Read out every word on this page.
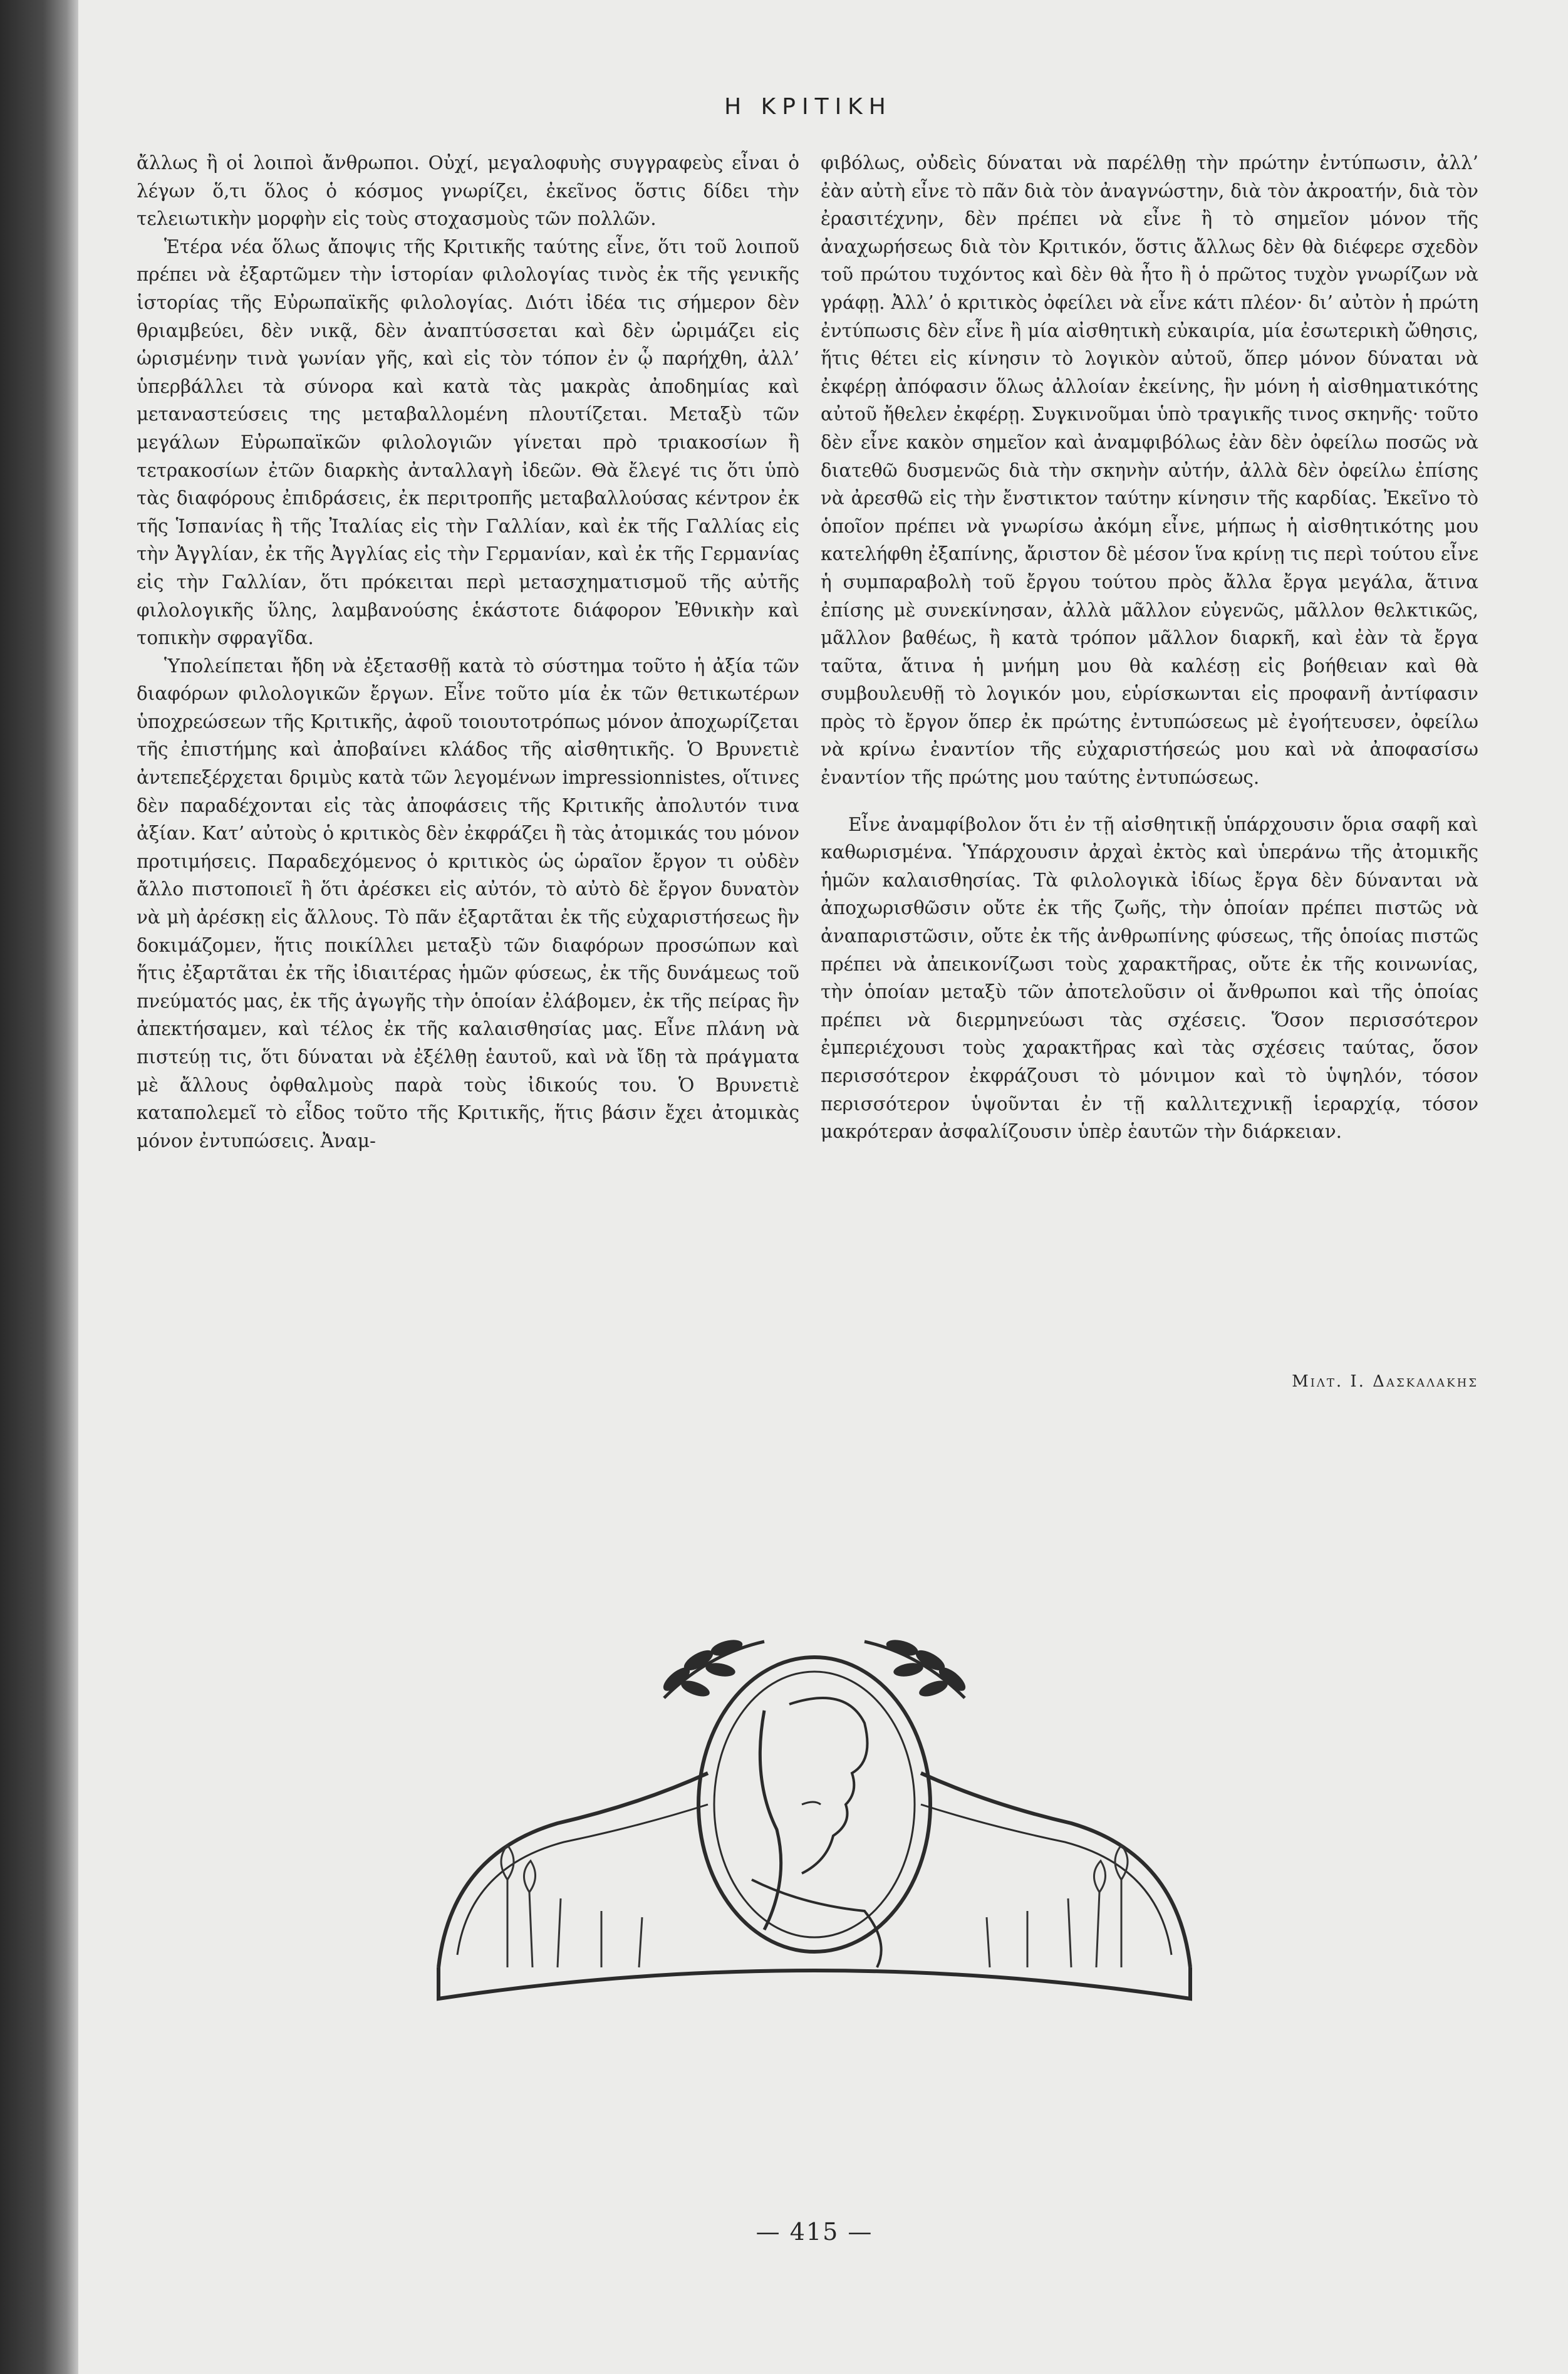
Η ΚΡΙΤΙΚΗ

ἄλλως ἢ οἱ λοιποὶ ἄνθρωποι. Οὐχί, μεγαλοφυὴς συγγραφεὺς εἶναι ὁ λέγων ὅ,τι ὅλος ὁ κόσμος γνωρίζει, ἐκεῖνος ὅστις δίδει τὴν τελειωτικὴν μορφὴν εἰς τοὺς στοχασμοὺς τῶν πολλῶν.

Ἑτέρα νέα ὅλως ἄποψις τῆς Κριτικῆς ταύτης εἶνε, ὅτι τοῦ λοιποῦ πρέπει νὰ ἐξαρτῶμεν τὴν ἱστορίαν φιλολογίας τινὸς ἐκ τῆς γενικῆς ἱστορίας τῆς Εὐρωπαϊκῆς φιλολογίας. Διότι ἰδέα τις σήμερον δὲν θριαμβεύει, δὲν νικᾷ, δὲν ἀναπτύσσεται καὶ δὲν ὡριμάζει εἰς ὡρισμένην τινὰ γωνίαν γῆς, καὶ εἰς τὸν τόπον ἐν ᾧ παρήχθη, ἀλλ’ ὑπερβάλλει τὰ σύνορα καὶ κατὰ τὰς μακρὰς ἀποδημίας καὶ μεταναστεύσεις της μεταβαλλομένη πλουτίζεται. Μεταξὺ τῶν μεγάλων Εὐρωπαϊκῶν φιλολογιῶν γίνεται πρὸ τριακοσίων ἢ τετρακοσίων ἐτῶν διαρκὴς ἀνταλλαγὴ ἰδεῶν. Θὰ ἔλεγέ τις ὅτι ὑπὸ τὰς διαφόρους ἐπιδράσεις, ἐκ περιτροπῆς μεταβαλλούσας κέντρον ἐκ τῆς Ἱσπανίας ἢ τῆς Ἰταλίας εἰς τὴν Γαλλίαν, καὶ ἐκ τῆς Γαλλίας εἰς τὴν Ἀγγλίαν, ἐκ τῆς Ἀγγλίας εἰς τὴν Γερμανίαν, καὶ ἐκ τῆς Γερμανίας εἰς τὴν Γαλλίαν, ὅτι πρόκειται περὶ μετασχηματισμοῦ τῆς αὐτῆς φιλολογικῆς ὕλης, λαμβανούσης ἑκάστοτε διάφορον Ἐθνικὴν καὶ τοπικὴν σφραγῖδα.

Ὑπολείπεται ἤδη νὰ ἐξετασθῇ κατὰ τὸ σύστημα τοῦτο ἡ ἀξία τῶν διαφόρων φιλολογικῶν ἔργων. Εἶνε τοῦτο μία ἐκ τῶν θετικωτέρων ὑποχρεώσεων τῆς Κριτικῆς, ἀφοῦ τοιουτοτρόπως μόνον ἀποχωρίζεται τῆς ἐπιστήμης καὶ ἀποβαίνει κλάδος τῆς αἰσθητικῆς. Ὁ Βρυνετιὲ ἀντεπεξέρχεται δριμὺς κατὰ τῶν λεγομένων impressionnistes, οἵτινες δὲν παραδέχονται εἰς τὰς ἀποφάσεις τῆς Κριτικῆς ἀπολυτόν τινα ἀξίαν. Κατ’ αὐτοὺς ὁ κριτικὸς δὲν ἐκφράζει ἢ τὰς ἀτομικάς του μόνον προτιμήσεις. Παραδεχόμενος ὁ κριτικὸς ὡς ὡραῖον ἔργον τι οὐδὲν ἄλλο πιστοποιεῖ ἢ ὅτι ἀρέσκει εἰς αὐτόν, τὸ αὐτὸ δὲ ἔργον δυνατὸν νὰ μὴ ἀρέσκῃ εἰς ἄλλους. Τὸ πᾶν ἐξαρτᾶται ἐκ τῆς εὐχαριστήσεως ἣν δοκιμάζομεν, ἥτις ποικίλλει μεταξὺ τῶν διαφόρων προσώπων καὶ ἥτις ἐξαρτᾶται ἐκ τῆς ἰδιαιτέρας ἡμῶν φύσεως, ἐκ τῆς δυνάμεως τοῦ πνεύματός μας, ἐκ τῆς ἀγωγῆς τὴν ὁποίαν ἐλάβομεν, ἐκ τῆς πείρας ἣν ἀπεκτήσαμεν, καὶ τέλος ἐκ τῆς καλαισθησίας μας. Εἶνε πλάνη νὰ πιστεύῃ τις, ὅτι δύναται νὰ ἐξέλθῃ ἑαυτοῦ, καὶ νὰ ἴδῃ τὰ πράγματα μὲ ἄλλους ὀφθαλμοὺς παρὰ τοὺς ἰδικούς του. Ὁ Βρυνετιὲ καταπολεμεῖ τὸ εἶδος τοῦτο τῆς Κριτικῆς, ἥτις βάσιν ἔχει ἀτομικὰς μόνον ἐντυπώσεις. Ἀναμ-

φιβόλως, οὐδεὶς δύναται νὰ παρέλθῃ τὴν πρώτην ἐντύπωσιν, ἀλλ’ ἐὰν αὐτὴ εἶνε τὸ πᾶν διὰ τὸν ἀναγνώστην, διὰ τὸν ἀκροατήν, διὰ τὸν ἐρασιτέχνην, δὲν πρέπει νὰ εἶνε ἢ τὸ σημεῖον μόνον τῆς ἀναχωρήσεως διὰ τὸν Κριτικόν, ὅστις ἄλλως δὲν θὰ διέφερε σχεδὸν τοῦ πρώτου τυχόντος καὶ δὲν θὰ ἦτο ἢ ὁ πρῶτος τυχὸν γνωρίζων νὰ γράφῃ. Ἀλλ’ ὁ κριτικὸς ὀφείλει νὰ εἶνε κάτι πλέον· δι’ αὐτὸν ἡ πρώτη ἐντύπωσις δὲν εἶνε ἢ μία αἰσθητικὴ εὐκαιρία, μία ἐσωτερικὴ ὤθησις, ἥτις θέτει εἰς κίνησιν τὸ λογικὸν αὐτοῦ, ὅπερ μόνον δύναται νὰ ἐκφέρῃ ἀπόφασιν ὅλως ἀλλοίαν ἐκείνης, ἣν μόνη ἡ αἰσθηματικότης αὐτοῦ ἤθελεν ἐκφέρῃ. Συγκινοῦμαι ὑπὸ τραγικῆς τινος σκηνῆς· τοῦτο δὲν εἶνε κακὸν σημεῖον καὶ ἀναμφιβόλως ἐὰν δὲν ὀφείλω ποσῶς νὰ διατεθῶ δυσμενῶς διὰ τὴν σκηνὴν αὐτήν, ἀλλὰ δὲν ὀφείλω ἐπίσης νὰ ἀρεσθῶ εἰς τὴν ἔνστικτον ταύτην κίνησιν τῆς καρδίας. Ἐκεῖνο τὸ ὁποῖον πρέπει νὰ γνωρίσω ἀκόμη εἶνε, μήπως ἡ αἰσθητικότης μου κατελήφθη ἐξαπίνης, ἄριστον δὲ μέσον ἵνα κρίνῃ τις περὶ τούτου εἶνε ἡ συμπαραβολὴ τοῦ ἔργου τούτου πρὸς ἄλλα ἔργα μεγάλα, ἅτινα ἐπίσης μὲ συνεκίνησαν, ἀλλὰ μᾶλλον εὐγενῶς, μᾶλλον θελκτικῶς, μᾶλλον βαθέως, ἢ κατὰ τρόπον μᾶλλον διαρκῆ, καὶ ἐὰν τὰ ἔργα ταῦτα, ἅτινα ἡ μνήμη μου θὰ καλέσῃ εἰς βοήθειαν καὶ θὰ συμβουλευθῇ τὸ λογικόν μου, εὑρίσκωνται εἰς προφανῆ ἀντίφασιν πρὸς τὸ ἔργον ὅπερ ἐκ πρώτης ἐντυπώσεως μὲ ἐγοήτευσεν, ὀφείλω νὰ κρίνω ἐναντίον τῆς εὐχαριστήσεώς μου καὶ νὰ ἀποφασίσω ἐναντίον τῆς πρώτης μου ταύτης ἐντυπώσεως.

Εἶνε ἀναμφίβολον ὅτι ἐν τῇ αἰσθητικῇ ὑπάρχουσιν ὅρια σαφῆ καὶ καθωρισμένα. Ὑπάρχουσιν ἀρχαὶ ἐκτὸς καὶ ὑπεράνω τῆς ἀτομικῆς ἡμῶν καλαισθησίας. Τὰ φιλολογικὰ ἰδίως ἔργα δὲν δύνανται νὰ ἀποχωρισθῶσιν οὔτε ἐκ τῆς ζωῆς, τὴν ὁποίαν πρέπει πιστῶς νὰ ἀναπαριστῶσιν, οὔτε ἐκ τῆς ἀνθρωπίνης φύσεως, τῆς ὁποίας πιστῶς πρέπει νὰ ἀπεικονίζωσι τοὺς χαρακτῆρας, οὔτε ἐκ τῆς κοινωνίας, τὴν ὁποίαν μεταξὺ τῶν ἀποτελοῦσιν οἱ ἄνθρωποι καὶ τῆς ὁποίας πρέπει νὰ διερμηνεύωσι τὰς σχέσεις. Ὅσον περισσότερον ἐμπεριέχουσι τοὺς χαρακτῆρας καὶ τὰς σχέσεις ταύτας, ὅσον περισσότερον ἐκφράζουσι τὸ μόνιμον καὶ τὸ ὑψηλόν, τόσον περισσότερον ὑψοῦνται ἐν τῇ καλλιτεχνικῇ ἱεραρχίᾳ, τόσον μακρότεραν ἀσφαλίζουσιν ὑπὲρ ἑαυτῶν τὴν διάρκειαν.

Μιλτ. Ι. Δασκαλακης
— 415 —
